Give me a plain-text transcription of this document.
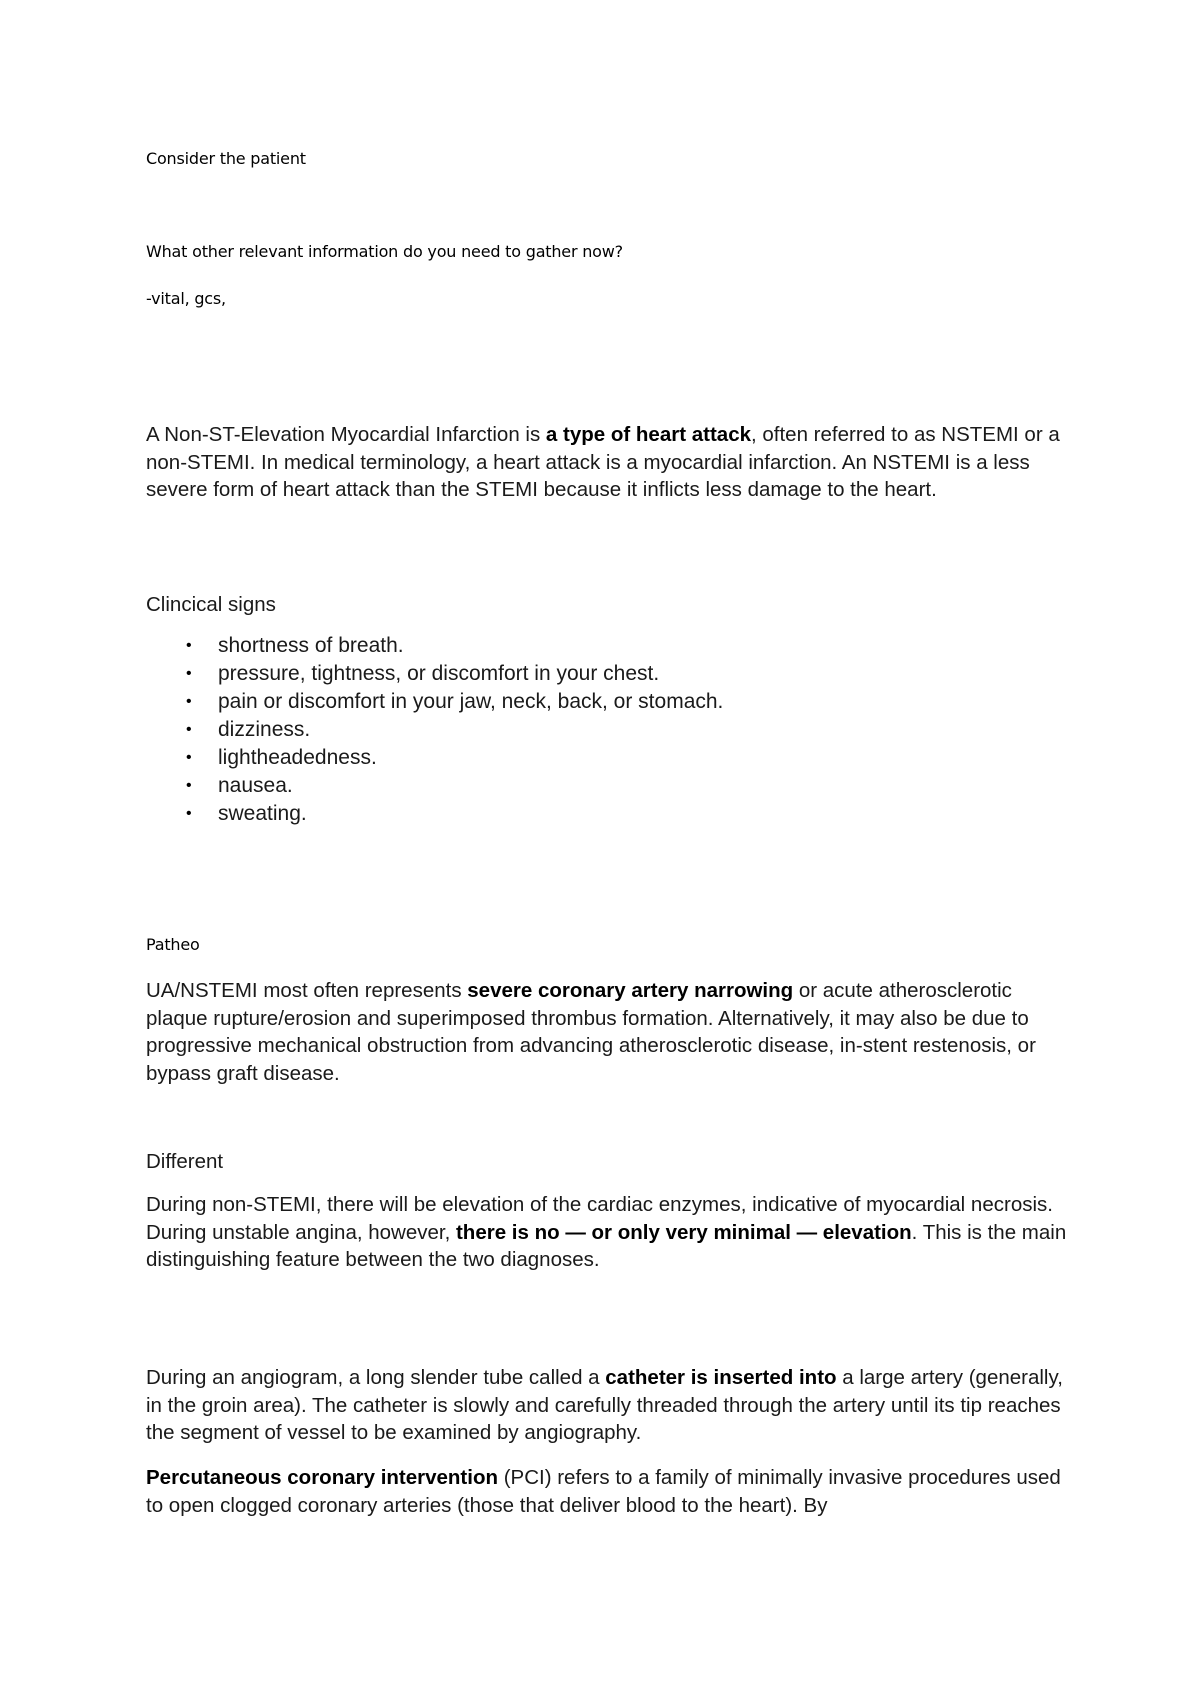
Consider the patient

What other relevant information do you need to gather now?

-vital, gcs,

A Non-ST-Elevation Myocardial Infarction is a type of heart attack, often referred to as NSTEMI or a non-STEMI. In medical terminology, a heart attack is a myocardial infarction. An NSTEMI is a less severe form of heart attack than the STEMI because it inflicts less damage to the heart.

Clincical signs

• shortness of breath.
• pressure, tightness, or discomfort in your chest.
• pain or discomfort in your jaw, neck, back, or stomach.
• dizziness.
• lightheadedness.
• nausea.
• sweating.

Patheo

UA/NSTEMI most often represents severe coronary artery narrowing or acute atherosclerotic plaque rupture/erosion and superimposed thrombus formation. Alternatively, it may also be due to progressive mechanical obstruction from advancing atherosclerotic disease, in-stent restenosis, or bypass graft disease.

Different

During non-STEMI, there will be elevation of the cardiac enzymes, indicative of myocardial necrosis. During unstable angina, however, there is no — or only very minimal — elevation. This is the main distinguishing feature between the two diagnoses.

During an angiogram, a long slender tube called a catheter is inserted into a large artery (generally, in the groin area). The catheter is slowly and carefully threaded through the artery until its tip reaches the segment of vessel to be examined by angiography.

Percutaneous coronary intervention (PCI) refers to a family of minimally invasive procedures used to open clogged coronary arteries (those that deliver blood to the heart). By
